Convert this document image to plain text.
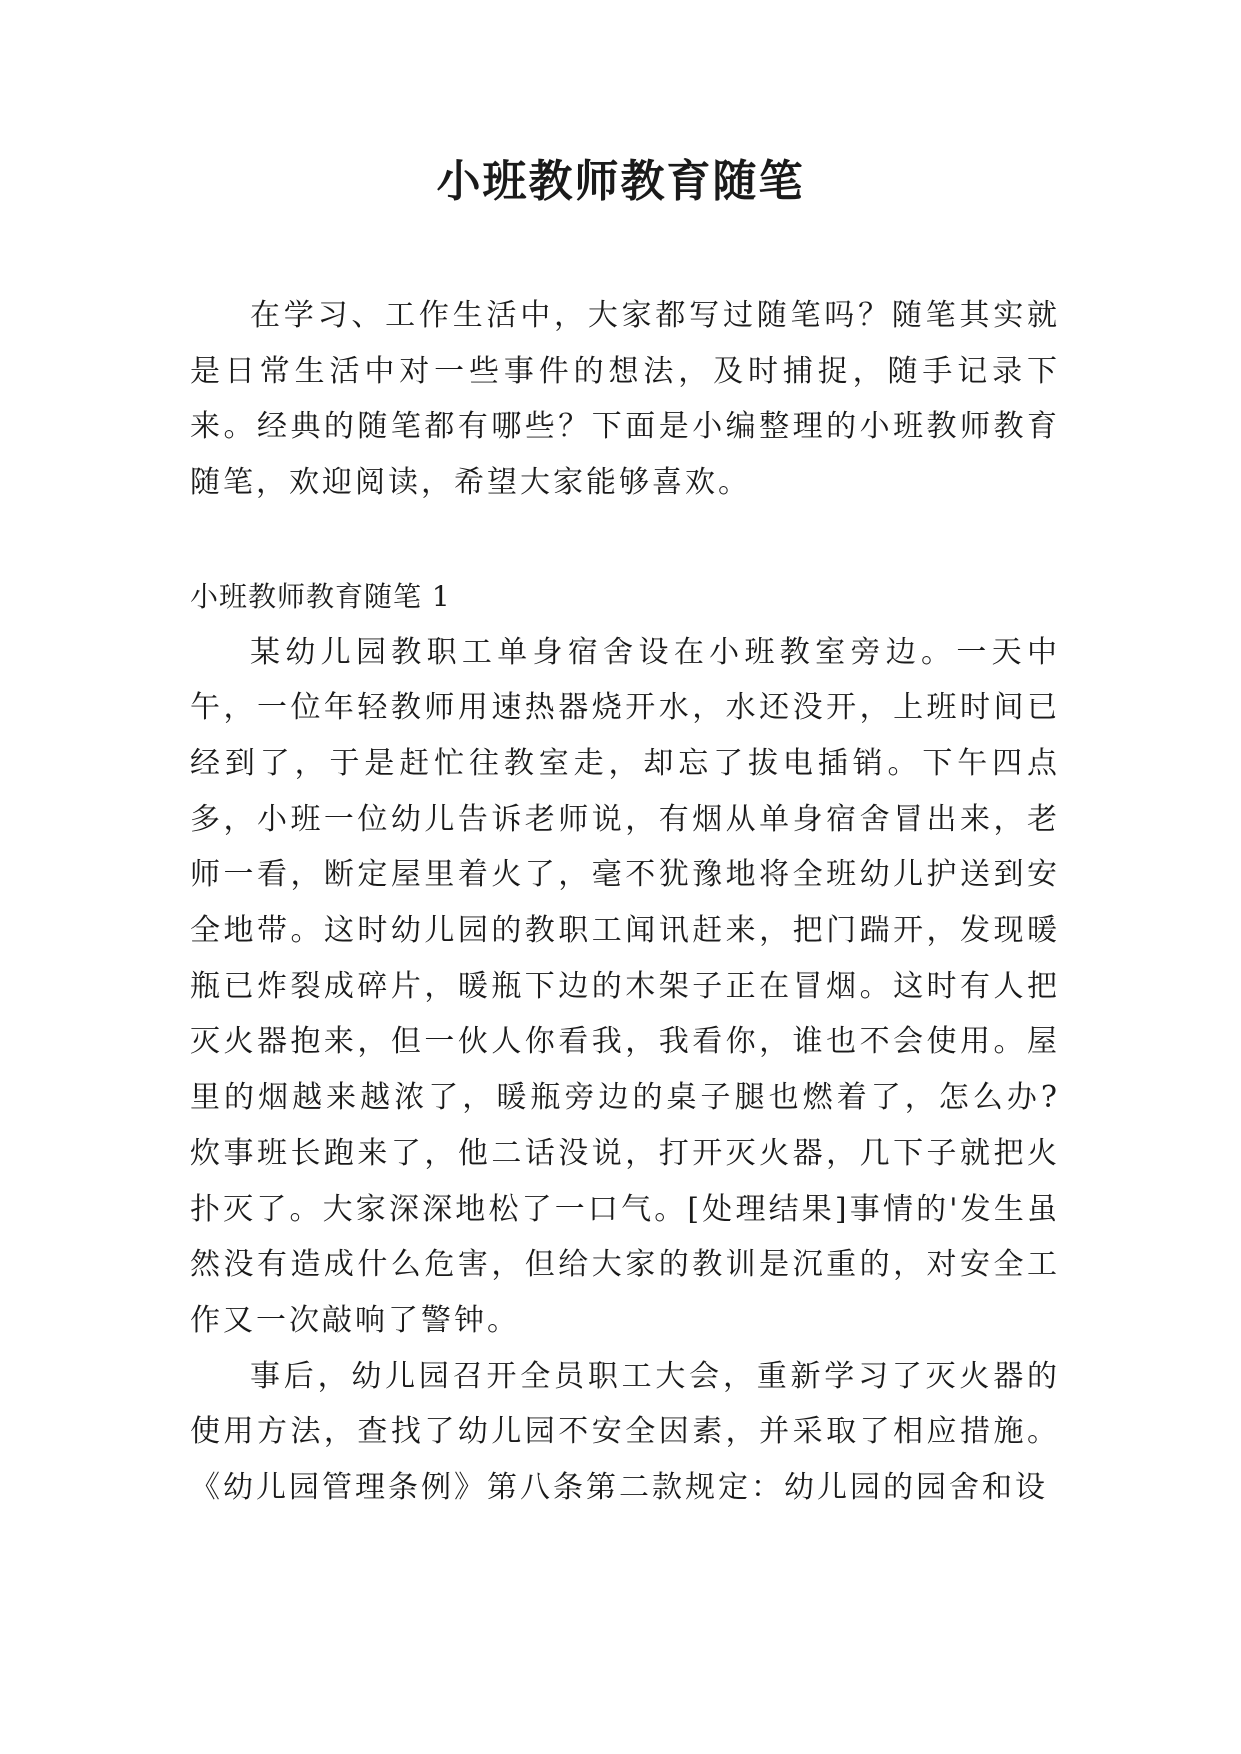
小班教师教育随笔

在学习、工作生活中，大家都写过随笔吗？随笔其实就是日常生活中对一些事件的想法，及时捕捉，随手记录下来。经典的随笔都有哪些？下面是小编整理的小班教师教育随笔，欢迎阅读，希望大家能够喜欢。

小班教师教育随笔 1

某幼儿园教职工单身宿舍设在小班教室旁边。一天中午，一位年轻教师用速热器烧开水，水还没开，上班时间已经到了，于是赶忙往教室走，却忘了拔电插销。下午四点多，小班一位幼儿告诉老师说，有烟从单身宿舍冒出来，老师一看，断定屋里着火了，毫不犹豫地将全班幼儿护送到安全地带。这时幼儿园的教职工闻讯赶来，把门踹开，发现暖瓶已炸裂成碎片，暖瓶下边的木架子正在冒烟。这时有人把灭火器抱来，但一伙人你看我，我看你，谁也不会使用。屋里的烟越来越浓了，暖瓶旁边的桌子腿也燃着了，怎么办?炊事班长跑来了，他二话没说，打开灭火器，几下子就把火扑灭了。大家深深地松了一口气。[处理结果]事情的'发生虽然没有造成什么危害，但给大家的教训是沉重的，对安全工作又一次敲响了警钟。

事后，幼儿园召开全员职工大会，重新学习了灭火器的使用方法，查找了幼儿园不安全因素，并采取了相应措施。《幼儿园管理条例》第八条第二款规定：幼儿园的园舍和设
